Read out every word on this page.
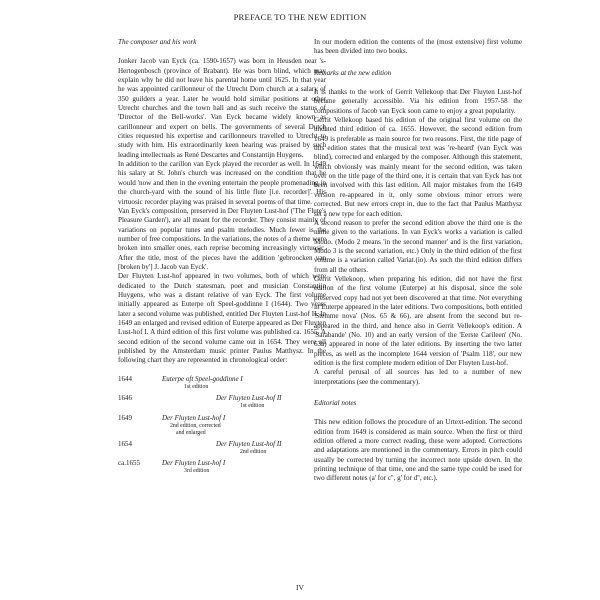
PREFACE TO THE NEW EDITION

The composer and his work

Jonker Jacob van Eyck (ca. 1590-1657) was born in Heusden near 's-Hertogenbosch (province of Brabant). He was born blind, which may explain why he did not leave his parental home until 1625. In that year he was appointed carillonneur of the Utrecht Dom church at a salary of 350 guilders a year. Later he would hold similar positions at other Utrecht churches and the town hall and as such receive the status of 'Director of the Bell-works'. Van Eyck became widely known as carillonneur and expert on bells. The governments of several Dutch cities requested his expertise and carillonneurs travelled to Utrecht to study with him. His extraordinarily keen hearing was praised by such leading intellectuals as René Descartes and Constantijn Huygens.

In addition to the carillon van Eyck played the recorder as well. In 1649 his salary at St. John's church was increased on the condition that he would 'now and then in the evening entertain the people promenading in the church-yard with the sound of his little flute [i.e. recorder]'. His virtuosic recorder playing was praised in several poems of that time.

Van Eyck's composition, preserved in Der Fluyten Lust-hof ('The Flute's Pleasure Garden'), are all meant for the recorder. They consist mainly of variations on popular tunes and psalm melodies. Much fewer is the number of free compositions. In the variations, the notes of a theme were broken into smaller ones, each reprise becoming increasingly virtuosic. After the title, most of the pieces have the addition 'gebroocken van [broken by'] J. Jacob van Eyck'.

Der Fluyten Lust-hof appeared in two volumes, both of which were dedicated to the Dutch statesman, poet and musician Constantijn Huygens, who was a distant relative of van Eyck. The first volume initially appeared as Euterpe oft Speel-goddinne I (1644). Two years later a second volume was published, entitled Der Fluyten Lust-hof II. In 1649 an enlarged and revised edition of Euterpe appeared as Der Fluyten Lust-hof I. A third edition of this first volume was published ca. 1655. A second edition of the second volume came out in 1654. They were all published by the Amsterdam music printer Paulus Matthysz. In the following chart they are represented in chronological order:

1644	Euterpe oft Speel-goddinne I
1st edition
1646	Der Fluyten Lust-hof II
1st edition
1649	Der Fluyten Lust-hof I
2nd edition, corrected
and enlarged
1654	Der Fluyten Lust-hof II
2nd edition
ca.1655	Der Fluyten Lust-hof I
3rd edition

In our modern edition the contents of the (most extensive) first volume has been divided into two books.

Remarks at the new edition

It is thanks to the work of Gerrit Vellekoop that Der Fluyten Lust-hof became generally accessible. Via his edition from 1957-58 the compositions of Jacob van Eyck soon came to enjoy a great popularity.

Gerrit Vellekoop based his edition of the original first volume on the undated third edition of ca. 1655. However, the second edition from 1649 is preferable as main source for two reasons. First, the title page of this edition states that the musical text was 're-heard' (van Eyck was blind), corrected and enlarged by the composer. Although this statement, which obviously was mainly meant for the second edition, was taken over on the title page of the third one, it is certain that van Eyck has not been involved with this last edition. All major mistakes from the 1649 version re-appeared in it, only some obvious minor errors were corrected. But new errors crept in, due to the fact that Paulus Matthysz set a new type for each edition.

A second reason to prefer the second edition above the third one is the name given to the variations. In van Eyck's works a variation is called Modo. (Modo 2 means 'in the second manner' and is the first variation, Modo 3 is the second variation, etc.) Only in the third edition of the first volume is a variation called Variat.(io). As such the third edition differs from all the others.

Gerrit Vellekoop, when preparing his edition, did not have the first edition of the first volume (Euterpe) at his disposal, since the sole preserved copy had not yet been discovered at that time. Not everything in Euterpe appeared in the later editions. Two compositions, both entitled 'Stemme nova' (Nos. 65 & 66), are absent from the second but re-appeared in the third, and hence also in Gerrit Vellekoop's edition. A 'Sarabande' (No. 10) and an early version of the 'Eerste Carileen' (No. 63a) appeared in none of the later editions. By inserting the two latter pieces, as well as the incomplete 1644 version of 'Psalm 118', our new edition is the first complete modern edition of Der Fluyten Lust-hof.

A careful perusal of all sources has led to a number of new interpretations (see the commentary).

Editorial notes

This new edition follows the procedure of an Urtext-edition. The second edition from 1649 is considered as main source. When the first or third edition offered a more correct reading, these were adopted. Corrections and adaptations are mentioned in the commentary. Errors in pitch could usually be corrected by turning the incorrect note upside down. In the printing technique of that time, one and the same type could be used for two different notes (a' for c'', g' for d'', etc.).

IV
